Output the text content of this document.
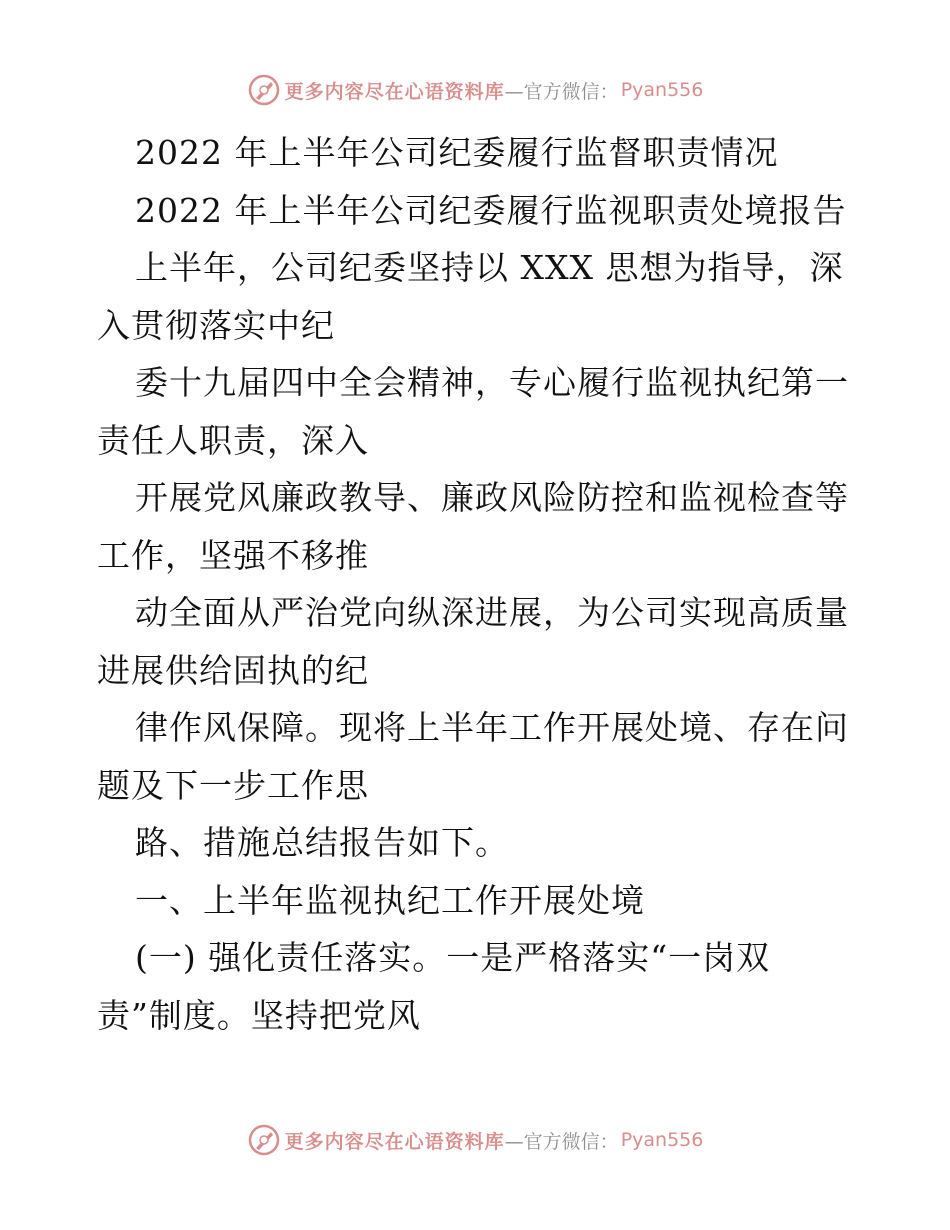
更多内容尽在心语资料库 —官方微信： Pyan556
2022 年上半年公司纪委履行监督职责情况
2022 年上半年公司纪委履行监视职责处境报告
上半年，公司纪委坚持以 XXX 思想为指导，深
入贯彻落实中纪
委十九届四中全会精神，专心履行监视执纪第一
责任人职责，深入
开展党风廉政教导、廉政风险防控和监视检查等
工作，坚强不移推
动全面从严治党向纵深进展，为公司实现高质量
进展供给固执的纪
律作风保障。现将上半年工作开展处境、存在问
题及下一步工作思
路、措施总结报告如下。
一、上半年监视执纪工作开展处境
(一) 强化责任落实。一是严格落实“一岗双
责”制度。坚持把党风
更多内容尽在心语资料库 —官方微信： Pyan556
